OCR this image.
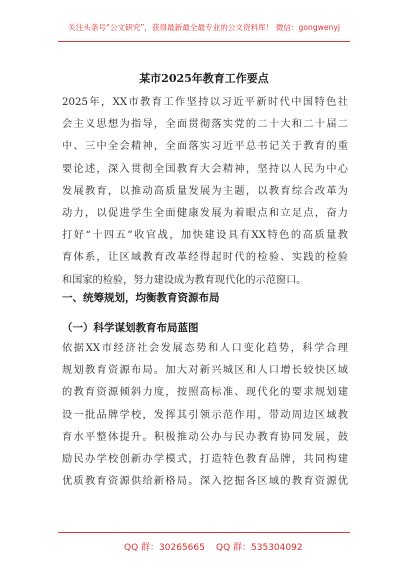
关注头条号“公文研究”，获得最新最全最专业的公文资料库！ 微信：gongwenyj
某市2025年教育工作要点
2025年，XX市教育工作坚持以习近平新时代中国特色社
会主义思想为指导，全面贯彻落实党的二十大和二十届二
中、三中全会精神，全面落实习近平总书记关于教育的重
要论述，深入贯彻全国教育大会精神，坚持以人民为中心
发展教育，以推动高质量发展为主题，以教育综合改革为
动力，以促进学生全面健康发展为着眼点和立足点，奋力
打好“十四五”收官战，加快建设具有XX特色的高质量教
育体系，让区域教育改革经得起时代的检验、实践的检验
和国家的检验，努力建设成为教育现代化的示范窗口。
一、统筹规划，均衡教育资源布局
（一）科学谋划教育布局蓝图
依据XX市经济社会发展态势和人口变化趋势，科学合理
规划教育资源布局。加大对新兴城区和人口增长较快区域
的教育资源倾斜力度，按照高标准、现代化的要求规划建
设一批品牌学校，发挥其引领示范作用，带动周边区域教
育水平整体提升。积极推动公办与民办教育协同发展，鼓
励民办学校创新办学模式，打造特色教育品牌，共同构建
优质教育资源供给新格局。深入挖掘各区域的教育资源优
QQ 群：30265665 QQ 群：535304092
